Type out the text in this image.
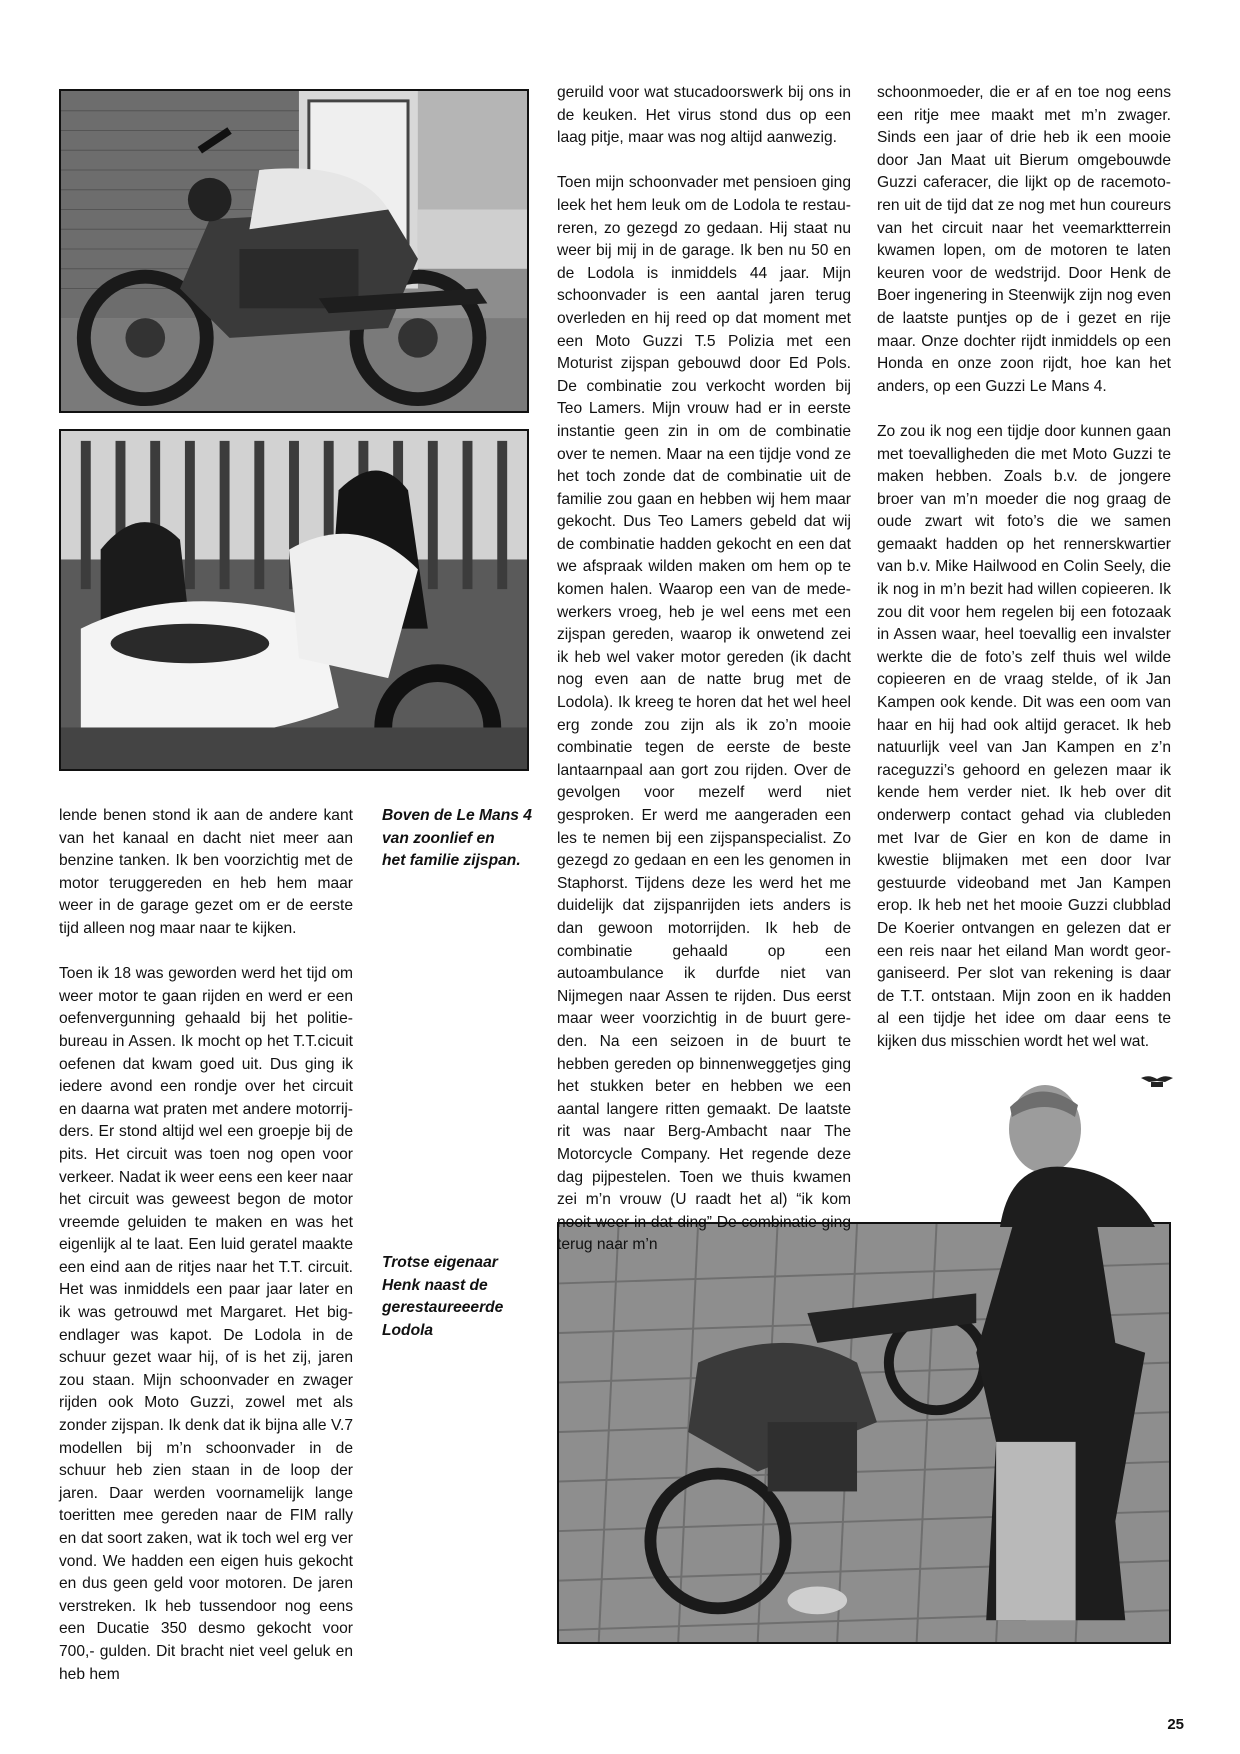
lende benen stond ik aan de andere kant van het kanaal en dacht niet meer aan benzine tanken. Ik ben voorzichtig met de motor teruggereden en heb hem maar weer in de garage gezet om er de eerste tijd alleen nog maar naar te kijken.

Toen ik 18 was geworden werd het tijd om weer motor te gaan rijden en werd er een oefenvergunning gehaald bij het politiebureau in Assen. Ik mocht op het T.T.cicuit oefenen dat kwam goed uit. Dus ging ik iedere avond een rondje over het circuit en daarna wat praten met andere motorrijders. Er stond altijd wel een groepje bij de pits. Het circuit was toen nog open voor verkeer. Nadat ik weer eens een keer naar het circuit was geweest begon de motor vreemde geluiden te maken en was het eigenlijk al te laat. Een luid geratel maakte een eind aan de ritjes naar het T.T. circuit. Het was inmiddels een paar jaar later en ik was getrouwd met Margaret. Het bigendlager was kapot. De Lodola in de schuur gezet waar hij, of is het zij, jaren zou staan. Mijn schoonvader en zwager rijden ook Moto Guzzi, zowel met als zonder zijspan. Ik denk dat ik bijna alle V.7 modellen bij m’n schoonvader in de schuur heb zien staan in de loop der jaren. Daar werden voornamelijk lange toeritten mee gereden naar de FIM rally en dat soort zaken, wat ik toch wel erg ver vond. We hadden een eigen huis gekocht en dus geen geld voor motoren. De jaren verstreken. Ik heb tussendoor nog eens een Ducatie 350 desmo gekocht voor 700,- gulden. Dit bracht niet veel geluk en heb hem

Boven de Le Mans 4

van zoonlief en

het familie zijspan.

Trotse eigenaar

Henk naast de

gerestaureeerde

Lodola

geruild voor wat stucadoorswerk bij ons in de keuken. Het virus stond dus op een laag pitje, maar was nog altijd aanwezig.

Toen mijn schoonvader met pensioen ging leek het hem leuk om de Lodola te restaureren, zo gezegd zo gedaan. Hij staat nu weer bij mij in de garage. Ik ben nu 50 en de Lodola is inmiddels 44 jaar. Mijn schoonvader is een aantal jaren terug overleden en hij reed op dat moment met een Moto Guzzi T.5 Polizia met een Moturist zijspan gebouwd door Ed Pols. De combinatie zou verkocht worden bij Teo Lamers. Mijn vrouw had er in eerste instantie geen zin in om de combinatie over te nemen. Maar na een tijdje vond ze het toch zonde dat de combinatie uit de familie zou gaan en hebben wij hem maar gekocht. Dus Teo Lamers gebeld dat wij de combinatie hadden gekocht en een dat we afspraak wilden maken om hem op te komen halen. Waarop een van de medewerkers vroeg, heb je wel eens met een zijspan gereden, waarop ik onwetend zei ik heb wel vaker motor gereden (ik dacht nog even aan de natte brug met de Lodola). Ik kreeg te horen dat het wel heel erg zonde zou zijn als ik zo’n mooie combinatie tegen de eerste de beste lantaarnpaal aan gort zou rijden. Over de gevolgen voor mezelf werd niet gesproken. Er werd me aangeraden een les te nemen bij een zijspanspecialist. Zo gezegd zo gedaan en een les genomen in Staphorst. Tijdens deze les werd het me duidelijk dat zijspanrijden iets anders is dan gewoon motorrijden. Ik heb de combinatie gehaald op een autoambulance ik durfde niet van Nijmegen naar Assen te rijden. Dus eerst maar weer voorzichtig in de buurt gereden. Na een seizoen in de buurt te hebben gereden op binnenweggetjes ging het stukken beter en hebben we een aantal langere ritten gemaakt. De laatste rit was naar Berg-Ambacht naar The Motorcycle Company. Het regende deze dag pijpestelen. Toen we thuis kwamen zei m’n vrouw (U raadt het al) “ik kom nooit weer in dat ding” De combinatie ging terug naar m’n

schoonmoeder, die er af en toe nog eens een ritje mee maakt met m’n zwager. Sinds een jaar of drie heb ik een mooie door Jan Maat uit Bierum omgebouwde Guzzi caferacer, die lijkt op de racemotoren uit de tijd dat ze nog met hun coureurs van het circuit naar het veemarktterrein kwamen lopen, om de motoren te laten keuren voor de wedstrijd. Door Henk de Boer ingenering in Steenwijk zijn nog even de laatste puntjes op de i gezet en rije maar. Onze dochter rijdt inmiddels op een Honda en onze zoon rijdt, hoe kan het anders, op een Guzzi Le Mans 4.

Zo zou ik nog een tijdje door kunnen gaan met toevalligheden die met Moto Guzzi te maken hebben. Zoals b.v. de jongere broer van m’n moeder die nog graag de oude zwart wit foto’s die we samen gemaakt hadden op het rennerskwartier van b.v. Mike Hailwood en Colin Seely, die ik nog in m’n bezit had willen copieeren. Ik zou dit voor hem regelen bij een fotozaak in Assen waar, heel toevallig een invalster werkte die de foto’s zelf thuis wel wilde copieeren en de vraag stelde, of ik Jan Kampen ook kende. Dit was een oom van haar en hij had ook altijd geracet. Ik heb natuurlijk veel van Jan Kampen en z’n raceguzzi’s gehoord en gelezen maar ik kende hem verder niet. Ik heb over dit onderwerp contact gehad via clubleden met Ivar de Gier en kon de dame in kwestie blijmaken met een door Ivar gestuurde videoband met Jan Kampen erop. Ik heb net het mooie Guzzi clubblad De Koerier ontvangen en gelezen dat er een reis naar het eiland Man wordt georganiseerd. Per slot van rekening is daar de T.T. ontstaan. Mijn zoon en ik hadden al een tijdje het idee om daar eens te kijken dus misschien wordt het wel wat.

25
